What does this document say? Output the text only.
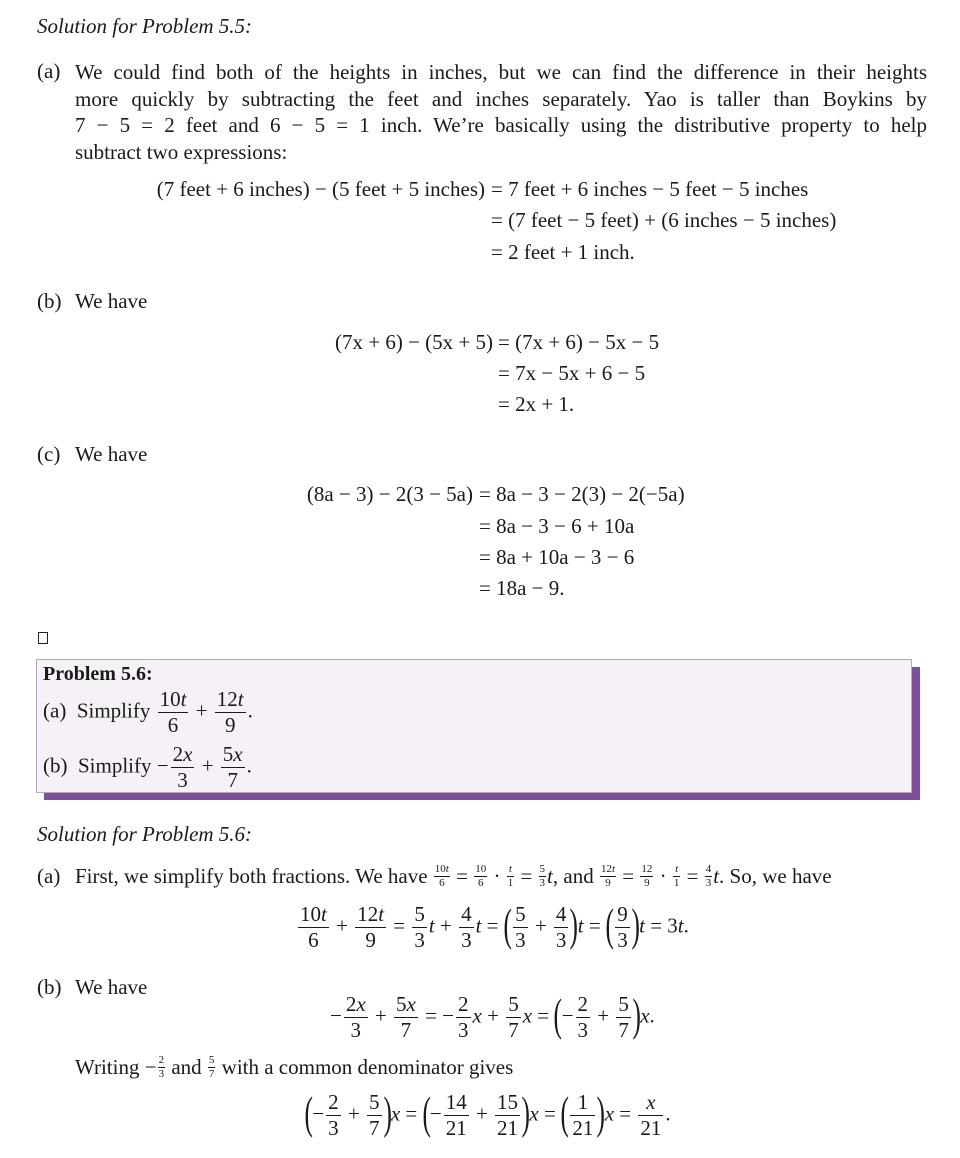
Solution for Problem 5.5:
(a) We could find both of the heights in inches, but we can find the difference in their heights
more quickly by subtracting the feet and inches separately. Yao is taller than Boykins by
7 − 5 = 2 feet and 6 − 5 = 1 inch. We’re basically using the distributive property to help
subtract two expressions:
(7 feet + 6 inches) − (5 feet + 5 inches) = 7 feet + 6 inches − 5 feet − 5 inches
= (7 feet − 5 feet) + (6 inches − 5 inches)
= 2 feet + 1 inch.
(b) We have
(7x + 6) − (5x + 5) = (7x + 6) − 5x − 5
= 7x − 5x + 6 − 5
= 2x + 1.
(c) We have
(8a − 3) − 2(3 − 5a) = 8a − 3 − 2(3) − 2(−5a)
= 8a − 3 − 6 + 10a
= 8a + 10a − 3 − 6
= 18a − 9.
Problem 5.6:
(a) Simplify $\frac{10t}{6} + \frac{12t}{9}$ .
(b) Simplify − $\frac{2x}{3} + \frac{5x}{7}$ .
Solution for Problem 5.6:
(a) First, we simplify both fractions. We have $\frac{10t}{6} = \frac{10}{6} \cdot \frac{t}{1} = \frac{5}{3} t$, and $\frac{12t}{9} = \frac{12}{9} \cdot \frac{t}{1} = \frac{4}{3} t$. So, we have
$\frac{10t}{6} + \frac{12t}{9} = \frac{5}{3}$ $t + \frac{4}{3}$ t = ( $\frac{5}{3} + \frac{4}{3} )t$ = ( $\frac{9}{3} )t = 3t$.
(b) We have
− $\frac{2x}{3} + \frac{5x}{7}$ = − $\frac{2}{3}$ $x + \frac{5}{7}$ x = (− $\frac{2}{3} + \frac{5}{7} )x$.
Writing − $\frac{2}{3}$ and $\frac{5}{7}$ with a common denominator gives
(− $\frac{2}{3} + \frac{5}{7} )x$ = (− $\frac{14}{21} + \frac{15}{21} )x$ = ( $\frac{1}{21} )x = \frac{x}{21}$ .
